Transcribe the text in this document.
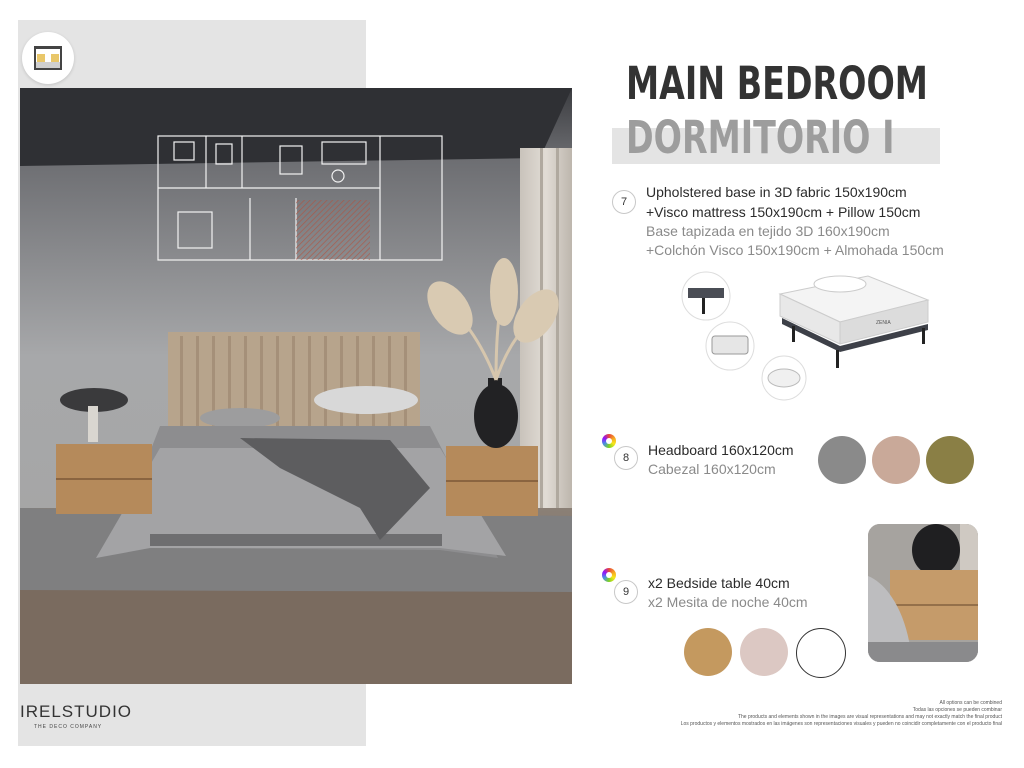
IRELSTUDIO
THE DECO COMPANY
MAIN BEDROOM
DORMITORIO I
7
Upholstered base in 3D fabric 150x190cm
+Visco mattress 150x190cm + Pillow 150cm
Base tapizada en tejido 3D 160x190cm
+Colchón Visco 150x190cm + Almohada 150cm
ZENIA
8	Headboard 160x120cm
Cabezal 160x120cm
9
x2 Bedside table 40cm
x2 Mesita de noche 40cm
All options can be combined
Todas las opciones se pueden combinar
The products and elements shown in the images are visual representations and may not exactly match the final product
Los productos y elementos mostrados en las imágenes son representaciones visuales y pueden no coincidir completamente con el producto final
